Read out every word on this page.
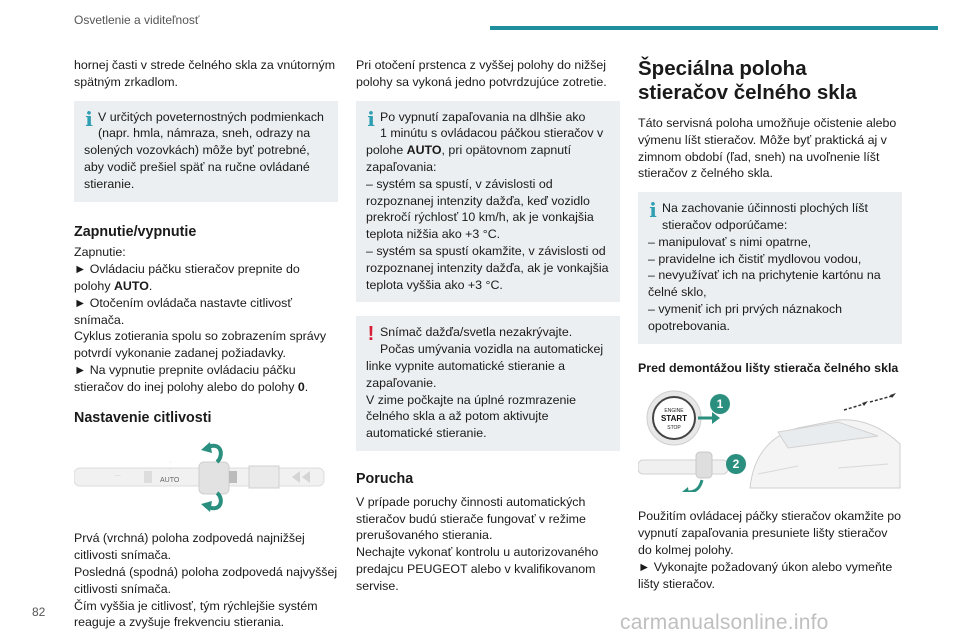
Osvetlenie a viditeľnosť

hornej časti v strede čelného skla za vnútorným spätným zrkadlom.

i V určitých poveternostných podmienkach
(napr. hmla, námraza, sneh, odrazy na
solených vozovkách) môže byť potrebné, aby vodič prešiel späť na ručne ovládané stieranie.
Zapnutie/vypnutie

Zapnutie:

► Ovládaciu páčku stieračov prepnite do polohy AUTO.

► Otočením ovládača nastavte citlivosť snímača.

Cyklus zotierania spolu so zobrazením správy potvrdí vykonanie zadanej požiadavky.

► Na vypnutie prepnite ovládaciu páčku stieračov do inej polohy alebo do polohy 0.

Nastavenie citlivosti
⌒
·
·
AUTO

Prvá (vrchná) poloha zodpovedá najnižšej citlivosti snímača.

Posledná (spodná) poloha zodpovedá najvyššej citlivosti snímača.

Čím vyššia je citlivosť, tým rýchlejšie systém reaguje a zvyšuje frekvenciu stierania.

Pri otočení prstenca z vyššej polohy do nižšej polohy sa vykoná jedno potvrdzujúce zotretie.

i Po vypnutí zapaľovania na dlhšie ako
1 minútu s ovládacou páčkou stieračov v
polohe AUTO, pri opätovnom zapnutí zapaľovania:

– systém sa spustí, v závislosti od rozpoznanej intenzity dažďa, keď vozidlo prekročí rýchlosť 10 km/h, ak je vonkajšia teplota nižšia ako +3 °C.

– systém sa spustí okamžite, v závislosti od rozpoznanej intenzity dažďa, ak je vonkajšia teplota vyššia ako +3 °C.

! Snímač dažďa/svetla nezakrývajte.
Počas umývania vozidla na automatickej
linke vypnite automatické stieranie a zapaľovanie.

V zime počkajte na úplné rozmrazenie čelného skla a až potom aktivujte automatické stieranie.

Porucha

V prípade poruchy činnosti automatických stieračov budú stierače fungovať v režime prerušovaného stierania.

Nechajte vykonať kontrolu u autorizovaného predajcu PEUGEOT alebo v kvalifikovanom servise.

Špeciálna poloha stieračov čelného skla

Táto servisná poloha umožňuje očistenie alebo výmenu líšt stieračov. Môže byť praktická aj v zimnom období (ľad, sneh) na uvoľnenie líšt stieračov z čelného skla.

i Na zachovanie účinnosti plochých líšt
stieračov odporúčame:

– manipulovať s nimi opatrne,

– pravidelne ich čistiť mydlovou vodou,

– nevyužívať ich na prichytenie kartónu na čelné sklo,

– vymeniť ich pri prvých náznakoch opotrebovania.

Pred demontážou lišty stierača čelného skla
ENGINE
START
STOP
1
2

Použitím ovládacej páčky stieračov okamžite po vypnutí zapaľovania presuniete lišty stieračov do kolmej polohy.

► Vykonajte požadovaný úkon alebo vymeňte lišty stieračov.

82	carmanualsonline.info
